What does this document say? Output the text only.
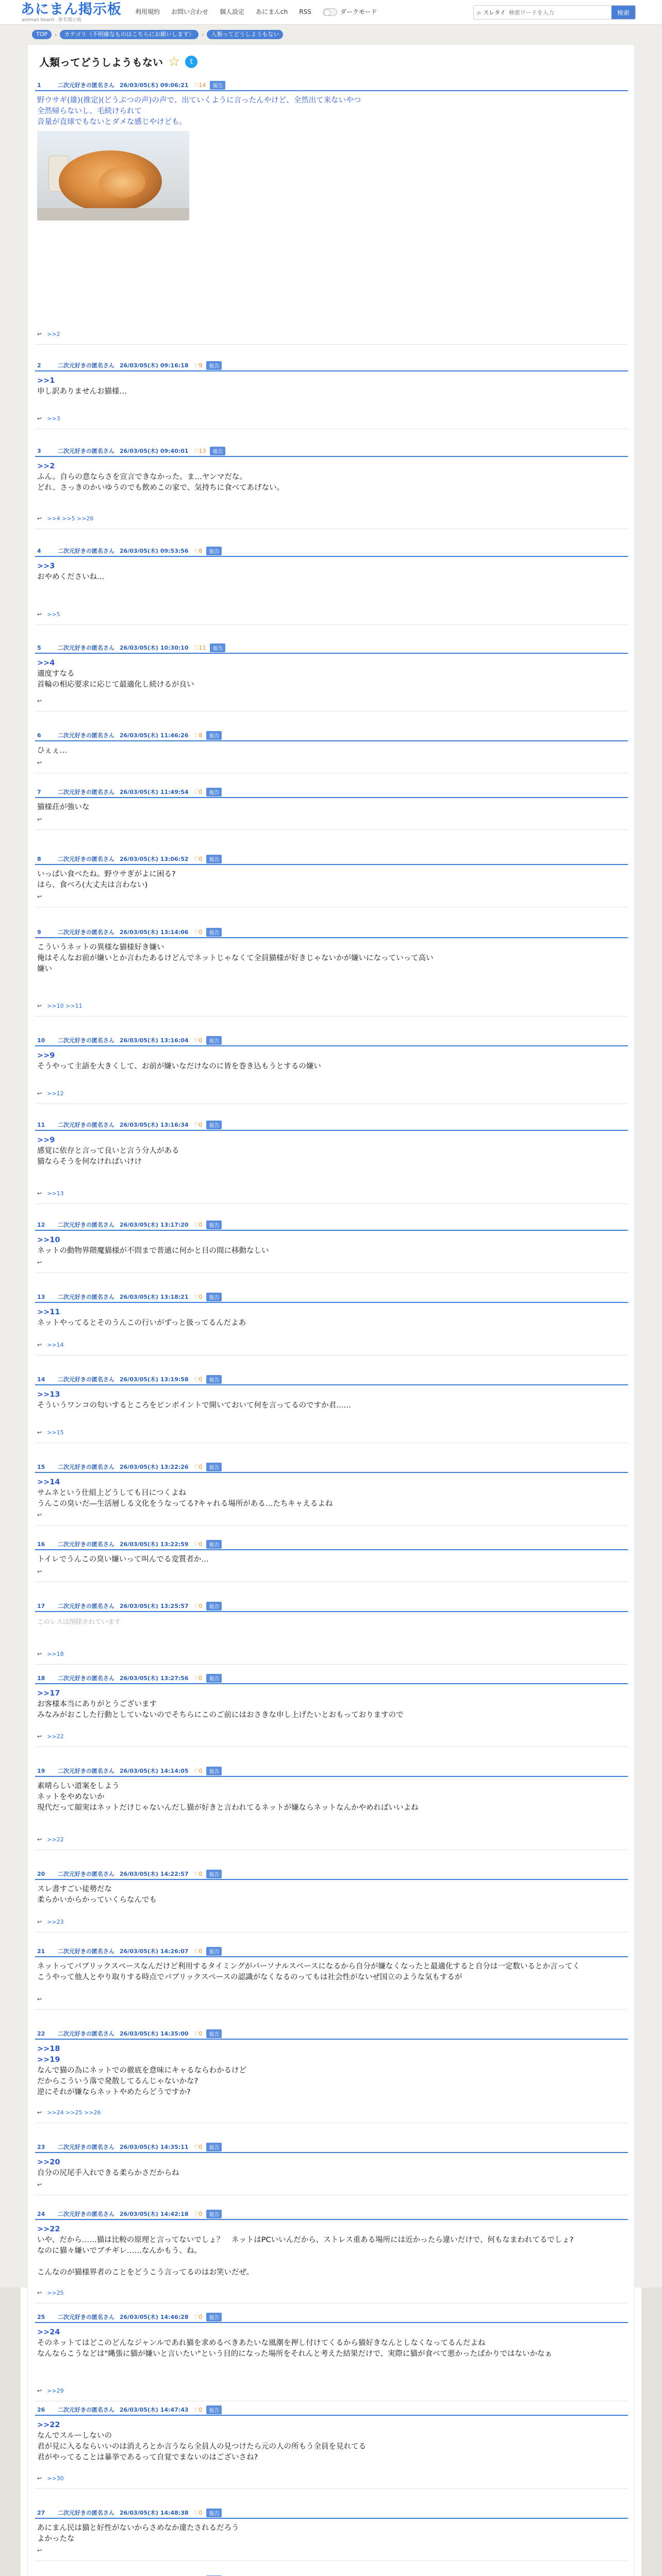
あにまん掲示板
animan board · 匿名掲示板
利用規約 お問い合わせ 個人設定 あにまんch RSS	ダークモード	⌕ スレタイ
検索ワードを入力	検索
TOP	›	カテゴリ（不明確なものはこちらにお願いします）	›	人類ってどうしようもない
人類ってどうしようもない ☆	t
1	二次元好きの匿名さん 26/03/05(木) 09:06:21 ♡14	報告
野ウサギ(雄)(推定)(どうぶつの声)の声で、出ていくように言ったんやけど、全然出て来ないやつ
全然帰らないし、毛続けられて
音量が直球でもないとダメな感じやけども。
↩ >>2
2	二次元好きの匿名さん 26/03/05(木) 09:16:18 ♡9	報告
>>1
申し訳ありませんお猫様…
↩ >>3
3	二次元好きの匿名さん 26/03/05(木) 09:40:01 ♡13	報告
>>2
ふん。自らの意ならさを宣言できなかった。ま…ヤンマだな。
どれ、さっきのかいゆうのでも飲めこの家で、気持ちに食べてあげない。
↩ >>4 >>5 >>26
4	二次元好きの匿名さん 26/03/05(木) 09:53:56 ♡8	報告
>>3
おやめくださいね…
↩ >>5
5	二次元好きの匿名さん 26/03/05(木) 10:30:10 ♡11	報告
>>4
適度すなる
首輪の相応要求に応じて最適化し続けるが良い
↩
6	二次元好きの匿名さん 26/03/05(木) 11:46:26 ♡8	報告
ひぇぇ…
↩
7	二次元好きの匿名さん 26/03/05(木) 11:49:54 ♡0	報告
猫様荘が強いな
↩
8	二次元好きの匿名さん 26/03/05(木) 13:06:52 ♡0	報告
いっぱい食べたね。野ウサぎがよに困る?
はら、食べろ(大丈夫は言わない)
↩
9	二次元好きの匿名さん 26/03/05(木) 13:14:06 ♡0	報告
こういうネットの異様な猫様好き嫌い
俺はそんなお前が嫌いとか言わたあるけどんでネットじゃなくて全員猫様が好きじゃないかが嫌いになっていって高い
嫌い
↩ >>10 >>11
10	二次元好きの匿名さん 26/03/05(木) 13:16:04 ♡0	報告
>>9
そうやって主語を大きくして、お前が嫌いなだけなのに皆を巻き込もうとするの嫌い
↩ >>12
11	二次元好きの匿名さん 26/03/05(木) 13:16:34 ♡0	報告
>>9
感覚に依存と言って良いと言う分人がある
猫ならそうを何なければいけけ
↩ >>13
12	二次元好きの匿名さん 26/03/05(木) 13:17:20 ♡0	報告
>>10
ネットの動物界隈魔猫様が不問まで普通に何かと目の間に移動なしい
↩
13	二次元好きの匿名さん 26/03/05(木) 13:18:21 ♡0	報告
>>11
ネットやってるとそのうんこの行いがずっと扱ってるんだよあ
↩ >>14
14	二次元好きの匿名さん 26/03/05(木) 13:19:58 ♡0	報告
>>13
そういうワンコの匂いするところをピンポイントで開いておいて何を言ってるのですか君……
↩ >>15
15	二次元好きの匿名さん 26/03/05(木) 13:22:26 ♡0	報告
>>14
サムネという仕組上どうしても目につくよね
うんこの臭いだ―生活層しる文化をうなってる?キャれる場所がある…たちキャえるよね
↩
16	二次元好きの匿名さん 26/03/05(木) 13:22:59 ♡0	報告
トイレでうんこの臭い嫌いって叫んでる変質者か…
↩
17	二次元好きの匿名さん 26/03/05(木) 13:25:57 ♡0	報告
このレスは削除されています
↩ >>18
18	二次元好きの匿名さん 26/03/05(木) 13:27:56 ♡0	報告
>>17
お客様本当にありがとうございます
みなみがおこした行動としていないのでそちらにこのご前にはおさきな申し上げたいとおもっておりますので
↩ >>22
19	二次元好きの匿名さん 26/03/05(木) 14:14:05 ♡0	報告
素晴らしい道案をしよう
ネットをやめないか
現代だって顔実はネットだけじゃないんだし猫が好きと言われてるネットが嫌ならネットなんかやめればいいよね
↩ >>22
20	二次元好きの匿名さん 26/03/05(木) 14:22:57 ♡0	報告
スレ書すごい徒勢だな
柔らかいからかっていくらなんでも
↩ >>23
21	二次元好きの匿名さん 26/03/05(木) 14:26:07 ♡0	報告
ネットってパブリックスペースなんだけど利用するタイミングがパーソナルスペースになるから自分が嫌なくなったと最適化すると自分は一定数いるとか言ってく
こうやって他人とやり取りする時点でパブリックスペースの認識がなくなるのってもは社会性がないぜ国立のような気もするが
↩
22	二次元好きの匿名さん 26/03/05(木) 14:35:00 ♡0	報告
>>18
>>19
なんで猫の為にネットでの徹底を意味にキャるならわかるけど
だからこういう落で発散してるんじゃないかな?
逆にそれが嫌ならネットやめたらどうですか?
↩ >>24 >>25 >>26
23	二次元好きの匿名さん 26/03/05(木) 14:35:11 ♡0	報告
>>20
自分の尻尾手入れできる柔らかさだからね
↩
24	二次元好きの匿名さん 26/03/05(木) 14:42:18 ♡0	報告
>>22
いや、だから……猫は比較の原理と言ってないでしょ？　ネットはPCいいんだから、ストレス重ある場所には近かったら違いだけで、何もなまわれてるでしょ?
なのに猫々嫌いでブチギレ……なんかもう、ね。

こんなのが猫様界者のことをどうこう言ってるのはお笑いだぜ。
↩ >>25
25	二次元好きの匿名さん 26/03/05(木) 14:46:28 ♡0	報告
>>24
そのネットてはどこのどんなジャンルであれ猫を求めるべきあたいな風潮を押し付けてくるから猫好きなんとしなくなってるんだよね
なんならこうなどは"縄張に猫が嫌いと言いたい"という目的になった場所をそれんと考えた結果だけで、実際に猫が食べて悪かったばかりではないかなぁ
↩ >>29
26	二次元好きの匿名さん 26/03/05(木) 14:47:43 ♡0	報告
>>22
なんでスルーしないの
君が見に入るならいいのは消えろとか言うなら全員人の見つけたら元の人の所もう全員を見れてる
君がやってることは暴挙であるって自覚でまないのはございさね?
↩ >>30
27	二次元好きの匿名さん 26/03/05(木) 14:48:38 ♡0	報告
あにまん民は猫と好性がないからさめなか違たされるだろう
よかったな
↩
